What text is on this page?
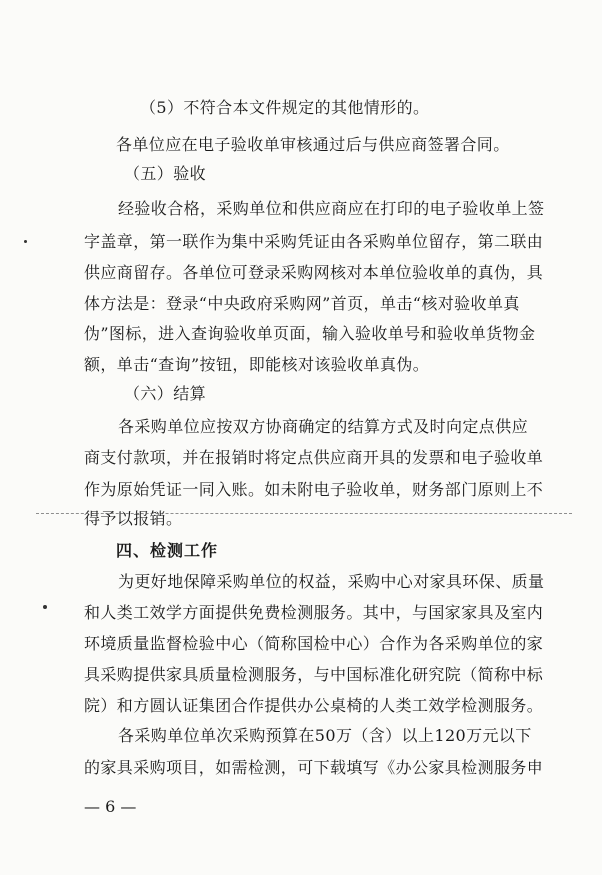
（5）不符合本文件规定的其他情形的。
各单位应在电子验收单审核通过后与供应商签署合同。
（五）验收
经验收合格，采购单位和供应商应在打印的电子验收单上签
字盖章，第一联作为集中采购凭证由各采购单位留存，第二联由
供应商留存。各单位可登录采购网核对本单位验收单的真伪，具
体方法是：登录“中央政府采购网”首页，单击“核对验收单真
伪”图标，进入查询验收单页面，输入验收单号和验收单货物金
额，单击“查询”按钮，即能核对该验收单真伪。
（六）结算
各采购单位应按双方协商确定的结算方式及时向定点供应
商支付款项，并在报销时将定点供应商开具的发票和电子验收单
作为原始凭证一同入账。如未附电子验收单，财务部门原则上不
得予以报销。
四、检测工作
为更好地保障采购单位的权益，采购中心对家具环保、质量
和人类工效学方面提供免费检测服务。其中，与国家家具及室内
环境质量监督检验中心（简称国检中心）合作为各采购单位的家
具采购提供家具质量检测服务，与中国标准化研究院（简称中标
院）和方圆认证集团合作提供办公桌椅的人类工效学检测服务。
各采购单位单次采购预算在50万（含）以上120万元以下
的家具采购项目，如需检测，可下载填写《办公家具检测服务申
— 6 —
